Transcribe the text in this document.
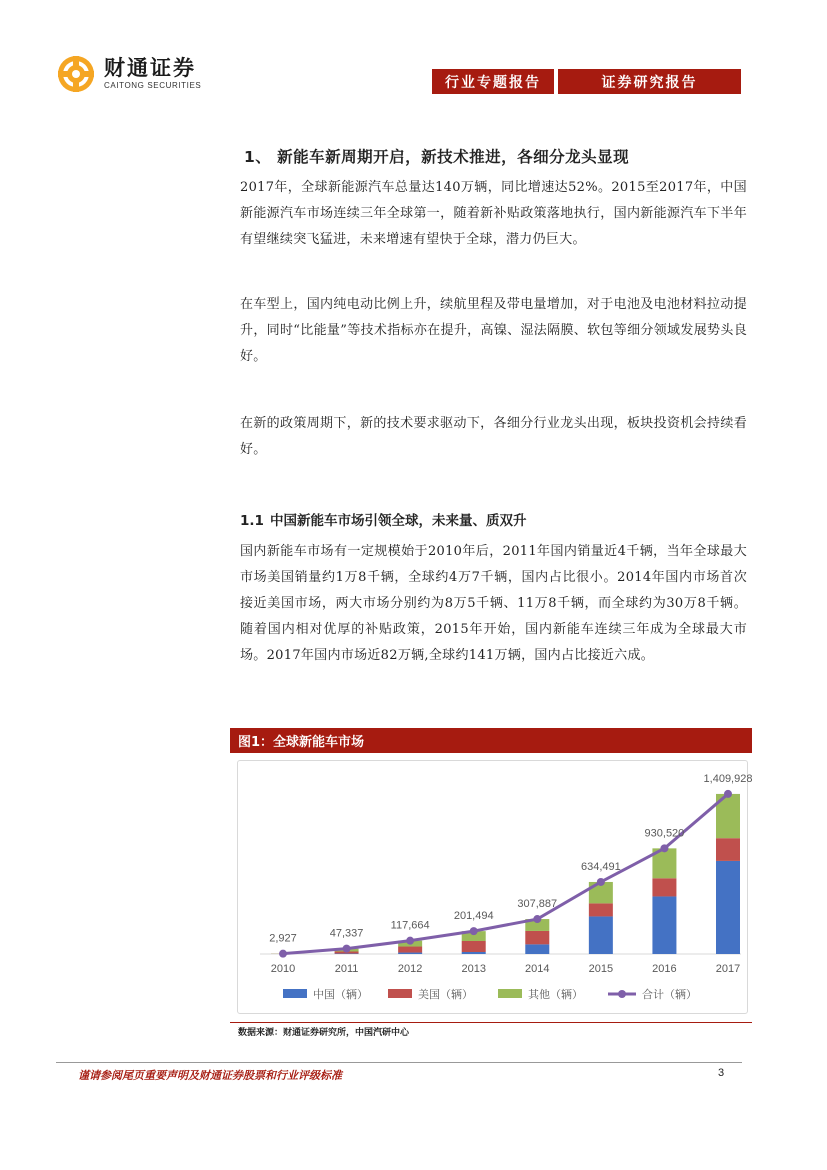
财通证券
CAITONG SECURITIES	行业专题报告	证券研究报告
1、 新能车新周期开启，新技术推进，各细分龙头显现
2017年，全球新能源汽车总量达140万辆，同比增速达52%。2015至2017年，中国新能源汽车市场连续三年全球第一，随着新补贴政策落地执行，国内新能源汽车下半年有望继续突飞猛进，未来增速有望快于全球，潜力仍巨大。
在车型上，国内纯电动比例上升，续航里程及带电量增加，对于电池及电池材料拉动提升，同时“比能量”等技术指标亦在提升，高镍、湿法隔膜、软包等细分领域发展势头良好。
在新的政策周期下，新的技术要求驱动下，各细分行业龙头出现，板块投资机会持续看好。
1.1 中国新能车市场引领全球，未来量、质双升
国内新能车市场有一定规模始于2010年后，2011年国内销量近4千辆，当年全球最大市场美国销量约1万8千辆，全球约4万7千辆，国内占比很小。2014年国内市场首次接近美国市场，两大市场分别约为8万5千辆、11万8千辆，而全球约为30万8千辆。随着国内相对优厚的补贴政策，2015年开始，国内新能车连续三年成为全球最大市场。2017年国内市场近82万辆,全球约141万辆，国内占比接近六成。
图1：全球新能车市场
2010	2011	2012	2013	2014	2015	2016	2017
2,927	47,337
117,664
201,494
307,887
634,491
930,520
1,409,928
中国（辆）	美国（辆）	其他（辆）	合计（辆）
数据来源：财通证券研究所，中国汽研中心
谨请参阅尾页重要声明及财通证券股票和行业评级标准	3
